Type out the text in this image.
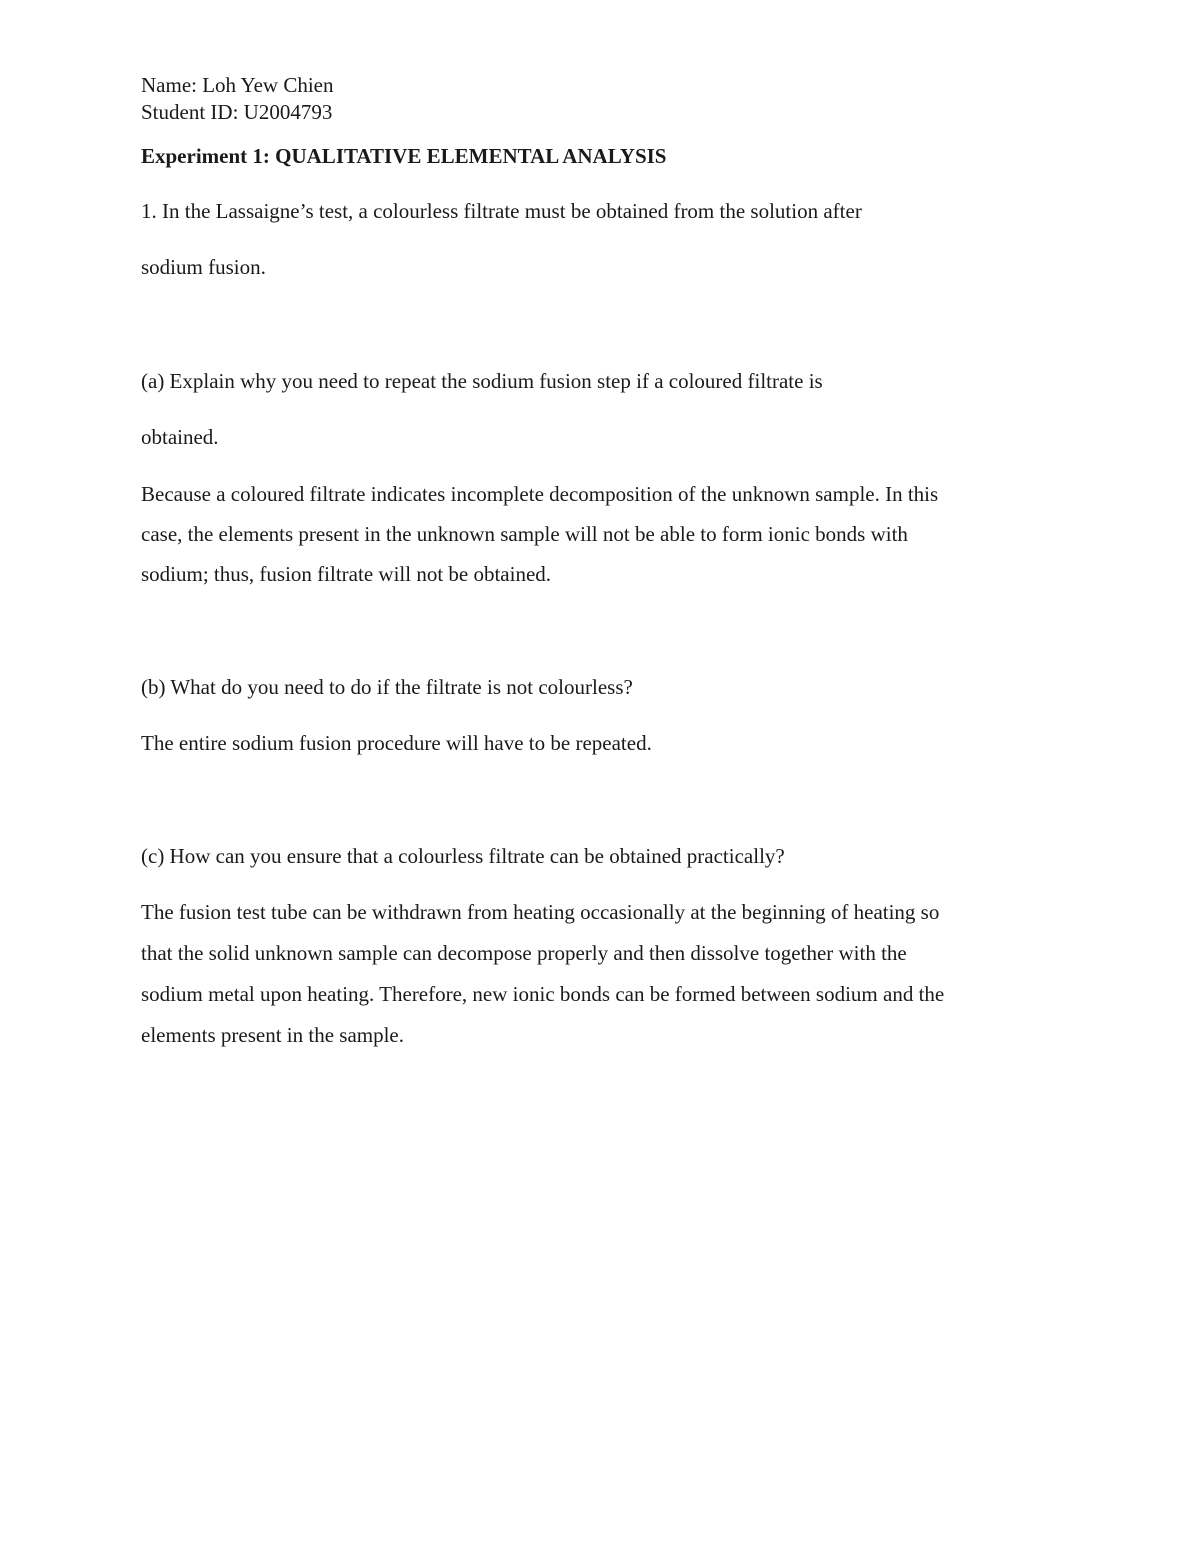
Name: Loh Yew Chien
Student ID: U2004793
Experiment 1: QUALITATIVE ELEMENTAL ANALYSIS
1. In the Lassaigne’s test, a colourless filtrate must be obtained from the solution after
sodium fusion.
(a) Explain why you need to repeat the sodium fusion step if a coloured filtrate is
obtained.
Because a coloured filtrate indicates incomplete decomposition of the unknown sample. In this
case, the elements present in the unknown sample will not be able to form ionic bonds with
sodium; thus, fusion filtrate will not be obtained.
(b) What do you need to do if the filtrate is not colourless?
The entire sodium fusion procedure will have to be repeated.
(c) How can you ensure that a colourless filtrate can be obtained practically?
The fusion test tube can be withdrawn from heating occasionally at the beginning of heating so
that the solid unknown sample can decompose properly and then dissolve together with the
sodium metal upon heating. Therefore, new ionic bonds can be formed between sodium and the
elements present in the sample.
